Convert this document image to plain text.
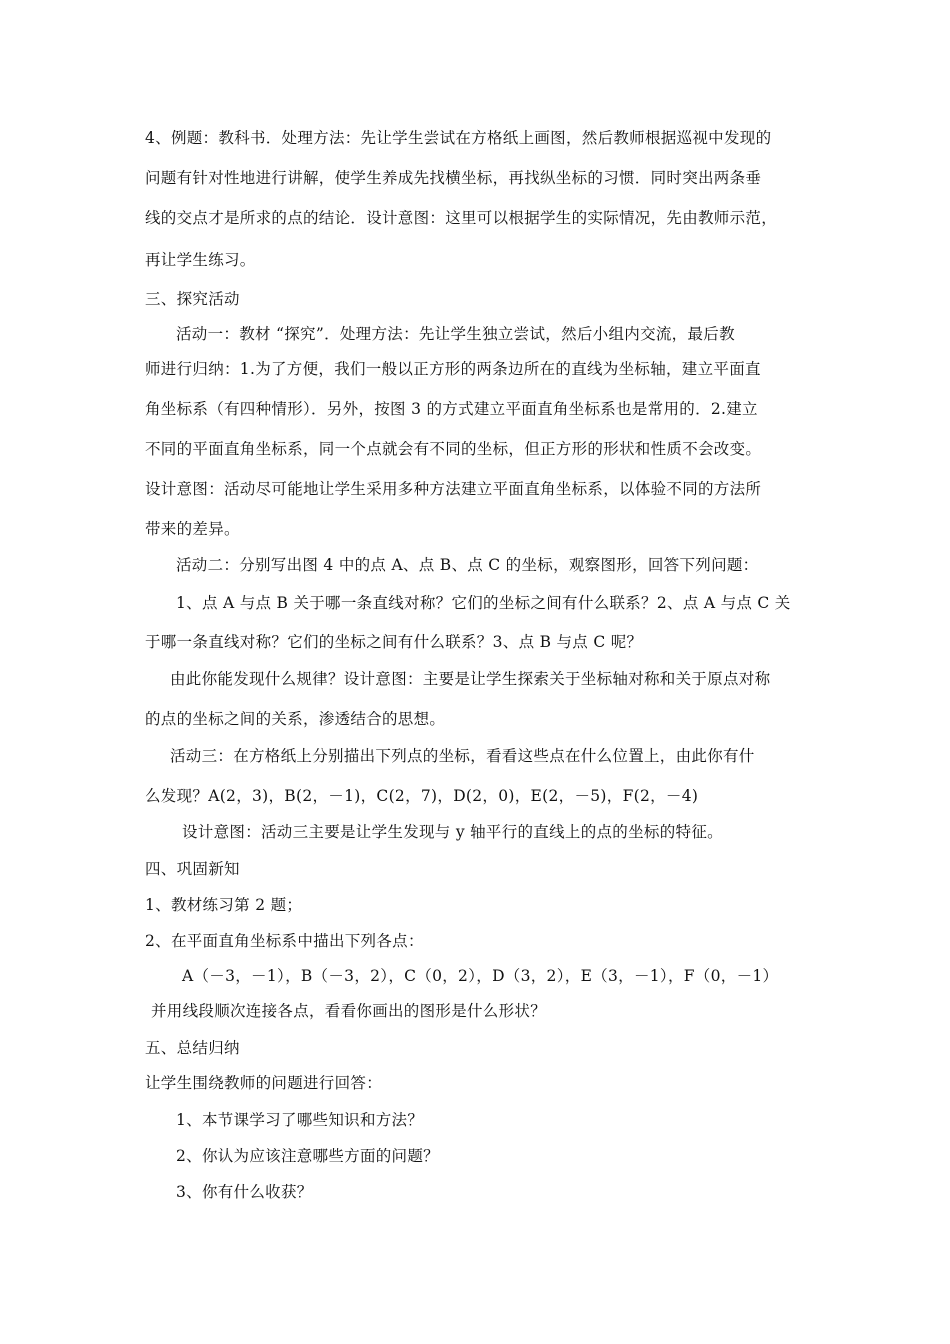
4、例题：教科书．处理方法：先让学生尝试在方格纸上画图，然后教师根据巡视中发现的
问题有针对性地进行讲解，使学生养成先找横坐标，再找纵坐标的习惯．同时突出两条垂
线的交点才是所求的点的结论．设计意图：这里可以根据学生的实际情况，先由教师示范，
再让学生练习。
三、探究活动
活动一：教材 “探究”．处理方法：先让学生独立尝试，然后小组内交流，最后教
师进行归纳：1.为了方便，我们一般以正方形的两条边所在的直线为坐标轴，建立平面直
角坐标系（有四种情形）．另外，按图 3 的方式建立平面直角坐标系也是常用的．2.建立
不同的平面直角坐标系，同一个点就会有不同的坐标，但正方形的形状和性质不会改变。
设计意图：活动尽可能地让学生采用多种方法建立平面直角坐标系，以体验不同的方法所
带来的差异。
活动二：分别写出图 4 中的点 A、点 B、点 C 的坐标，观察图形，回答下列问题：
1、点 A 与点 B 关于哪一条直线对称？它们的坐标之间有什么联系？2、点 A 与点 C 关
于哪一条直线对称？它们的坐标之间有什么联系？3、点 B 与点 C 呢？
由此你能发现什么规律？设计意图：主要是让学生探索关于坐标轴对称和关于原点对称
的点的坐标之间的关系，渗透结合的思想。
活动三：在方格纸上分别描出下列点的坐标，看看这些点在什么位置上，由此你有什
么发现？A(2，3)，B(2，－1)，C(2，7)，D(2，0)，E(2，－5)，F(2，－4)
设计意图：活动三主要是让学生发现与 y 轴平行的直线上的点的坐标的特征。
四、巩固新知
1、教材练习第 2 题；
2、在平面直角坐标系中描出下列各点：
A（－3，－1），B（－3，2），C（0，2），D（3，2），E（3，－1），F（0，－1）
并用线段顺次连接各点，看看你画出的图形是什么形状？
五、总结归纳
让学生围绕教师的问题进行回答：
1、本节课学习了哪些知识和方法？
2、你认为应该注意哪些方面的问题？
3、你有什么收获？
